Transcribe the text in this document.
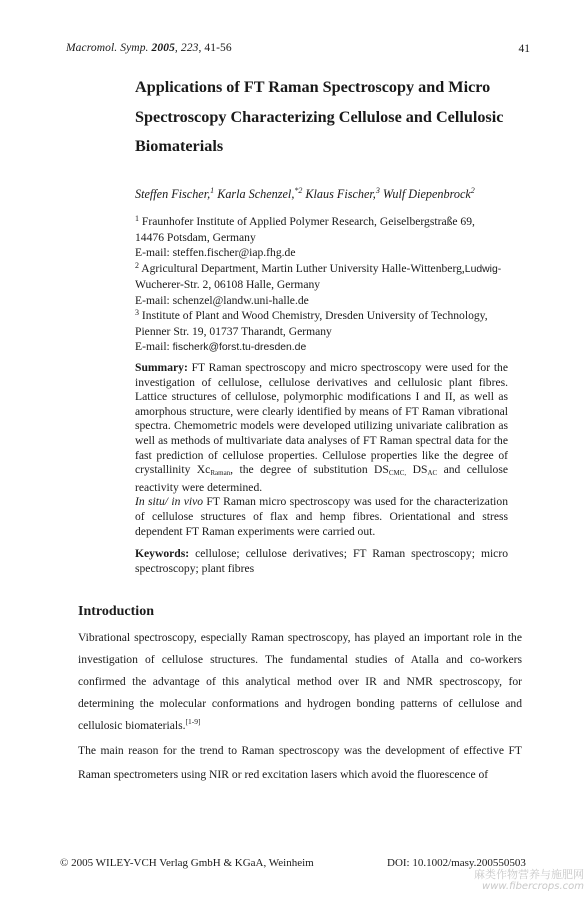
Macromol. Symp. 2005, 223, 41-56	41
Applications of FT Raman Spectroscopy and Micro Spectroscopy Characterizing Cellulose and Cellulosic Biomaterials
Steffen Fischer,$^1$ Karla Schenzel,$^{*2}$ Klaus Fischer,$^3$ Wulf Diepenbrock$^2$
$^1$ Fraunhofer Institute of Applied Polymer Research, Geiselbergstraße 69,
14476 Potsdam, Germany
E-mail: steffen.fischer@iap.fhg.de
$^2$ Agricultural Department, Martin Luther University Halle-Wittenberg,Ludwig-
Wucherer-Str. 2, 06108 Halle, Germany
E-mail: schenzel@landw.uni-halle.de
$^3$ Institute of Plant and Wood Chemistry, Dresden University of Technology,
Pienner Str. 19, 01737 Tharandt, Germany
E-mail: fischerk@forst.tu-dresden.de

Summary: FT Raman spectroscopy and micro spectroscopy were used for the investigation of cellulose, cellulose derivatives and cellulosic plant fibres. Lattice structures of cellulose, polymorphic modifications I and II, as well as amorphous structure, were clearly identified by means of FT Raman vibrational spectra. Chemometric models were developed utilizing univariate calibration as well as methods of multivariate data analyses of FT Raman spectral data for the fast prediction of cellulose properties. Cellulose properties like the degree of crystallinity $Xc_{Raman}$, the degree of substitution $DS_{CMC,}$ $DS_{AC}$ and cellulose reactivity were determined.

In situ/ in vivo FT Raman micro spectroscopy was used for the characterization of cellulose structures of flax and hemp fibres. Orientational and stress dependent FT Raman experiments were carried out.

Keywords: cellulose; cellulose derivatives; FT Raman spectroscopy; micro spectroscopy; plant fibres
Introduction

Vibrational spectroscopy, especially Raman spectroscopy, has played an important role in the investigation of cellulose structures. The fundamental studies of Atalla and co-workers confirmed the advantage of this analytical method over IR and NMR spectroscopy, for determining the molecular conformations and hydrogen bonding patterns of cellulose and cellulosic biomaterials.[1-9]

The main reason for the trend to Raman spectroscopy was the development of effective FT Raman spectrometers using NIR or red excitation lasers which avoid the fluorescence of
© 2005 WILEY-VCH Verlag GmbH & KGaA, Weinheim	DOI: 10.1002/masy.200550503
麻类作物营养与施肥网
www.fibercrops.com
